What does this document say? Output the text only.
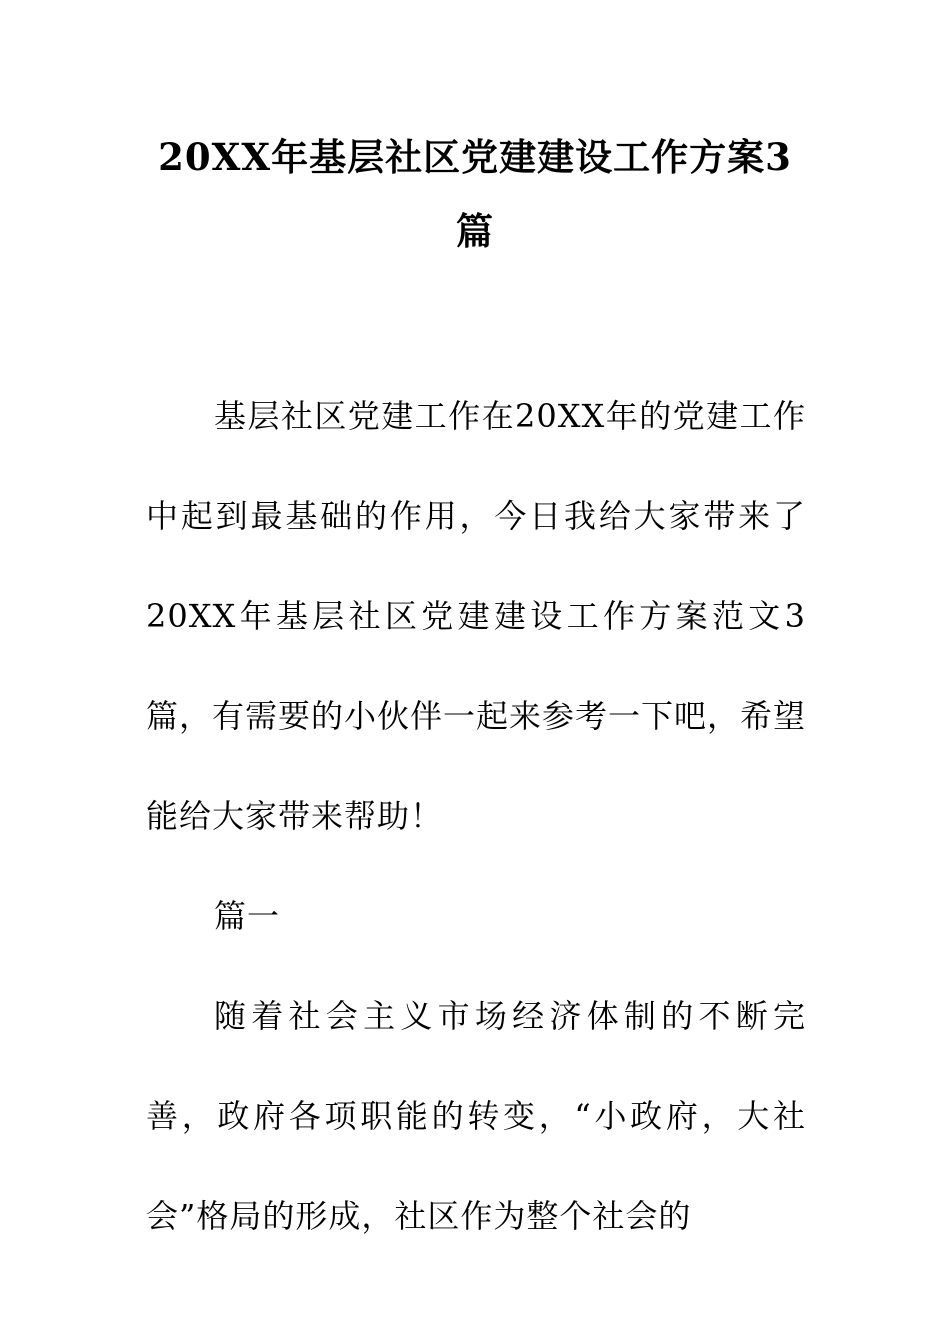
20XX年基层社区党建建设工作方案3篇

基层社区党建工作在20XX年的党建工作中起到最基础的作用，今日我给大家带来了20XX年基层社区党建建设工作方案范文3篇，有需要的小伙伴一起来参考一下吧，希望能给大家带来帮助！

篇一

随着社会主义市场经济体制的不断完善，政府各项职能的转变，“小政府，大社会”格局的形成，社区作为整个社会的
